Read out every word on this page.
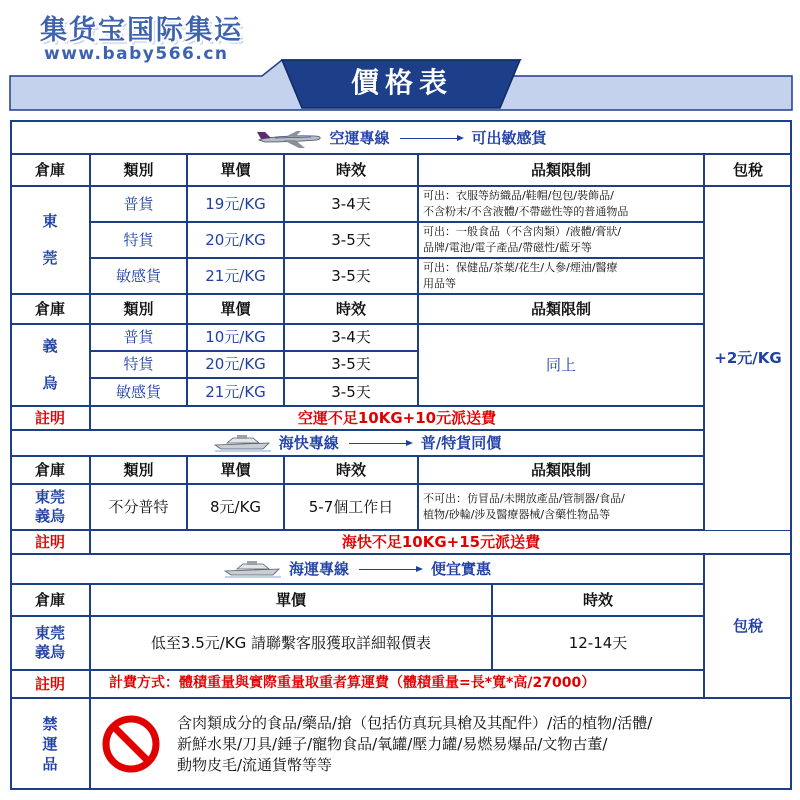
集货宝国际集运
www.baby566.cn
價格表
空運專線	可出敏感貨
倉庫	類別	單價	時效	品類限制	包稅
東

莞
普貨	19元/KG	3-4天	可出：衣服等紡織品/鞋帽/包包/裝飾品/
不含粉末/不含液體/不帶磁性等的普通物品
特貨	20元/KG	3-5天	可出：一般食品（不含肉類）/液體/膏狀/
品牌/電池/電子產品/帶磁性/藍牙等
敏感貨	21元/KG	3-5天	可出：保健品/茶葉/花生/人參/煙油/醫療
用品等
倉庫	類別	單價	時效	品類限制
義

烏
普貨	10元/KG	3-4天
特貨	20元/KG	3-5天
敏感貨	21元/KG	3-5天
同上	+2元/KG
註明	空運不足10KG+10元派送費
海快專線	普/特貨同價
倉庫	類別	單價	時效	品類限制
東莞
義烏
不分普特	8元/KG	5-7個工作日	不可出：仿冒品/未開放產品/管制器/食品/
植物/砂輪/涉及醫療器械/含藥性物品等
註明	海快不足10KG+15元派送費
海運專線	便宜實惠
倉庫	單價	時效
東莞
義烏
低至3.5元/KG 請聯繫客服獲取詳細報價表	12-14天
包稅
註明	計費方式：體積重量與實際重量取重者算運費（體積重量=長*寬*高/27000）
禁
運
品
含肉類成分的食品/藥品/搶（包括仿真玩具槍及其配件）/活的植物/活體/
新鮮水果/刀具/錘子/寵物食品/氧罐/壓力罐/易燃易爆品/文物古董/
動物皮毛/流通貨幣等等
